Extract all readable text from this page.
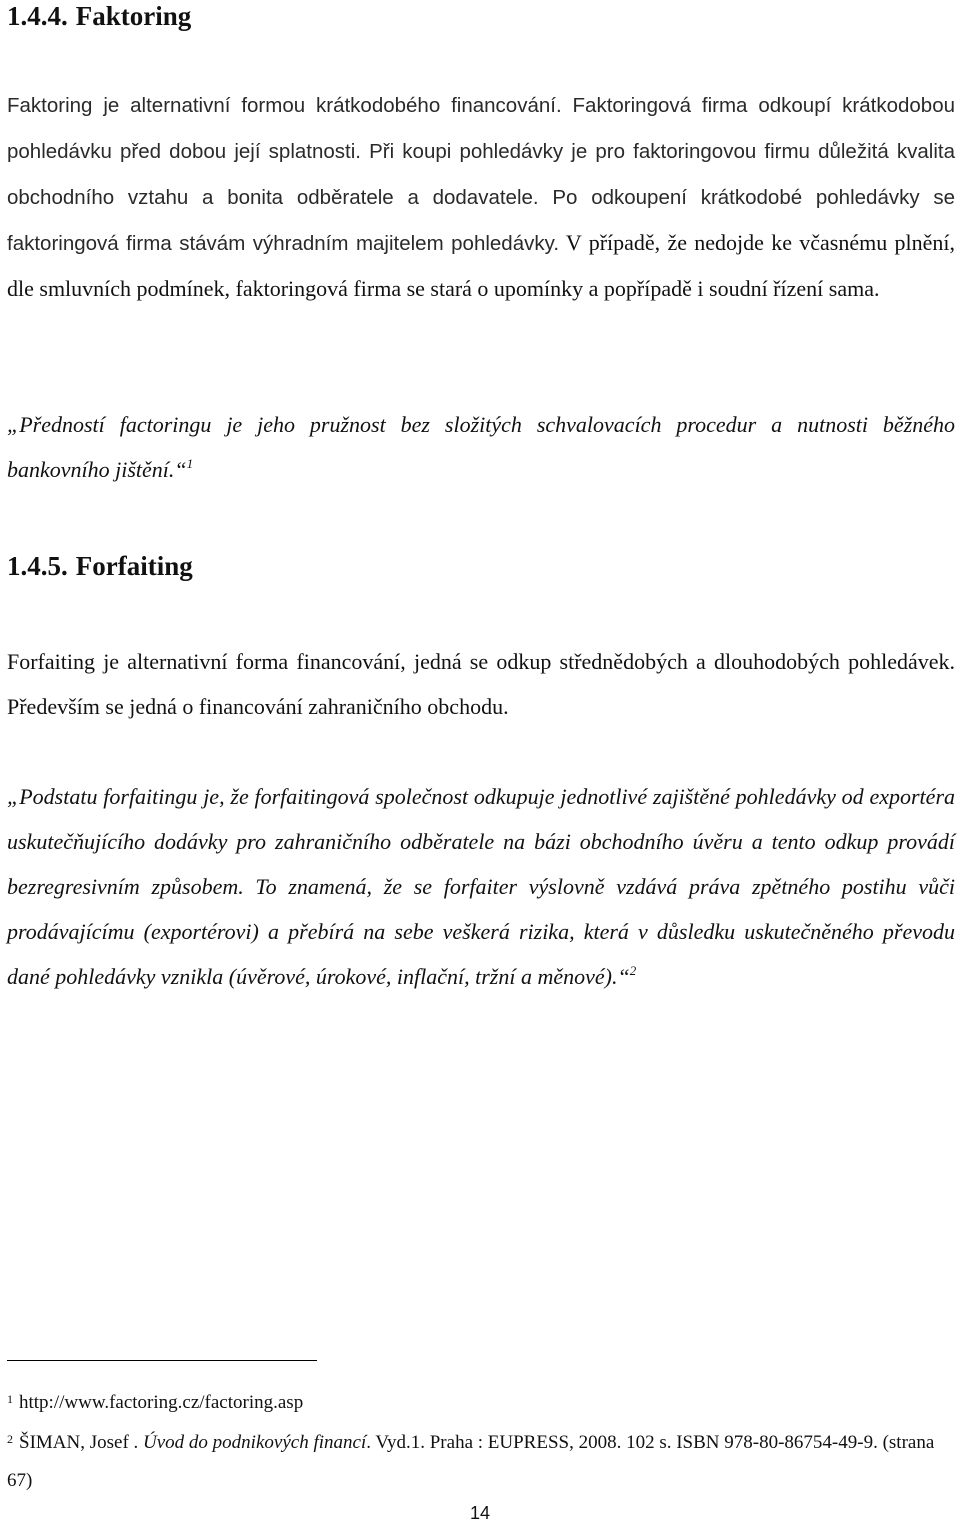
1.4.4. Faktoring

Faktoring je alternativní formou krátkodobého financování. Faktoringová firma odkoupí krátkodobou pohledávku před dobou její splatnosti. Při koupi pohledávky je pro faktoringovou firmu důležitá kvalita obchodního vztahu a bonita odběratele a dodavatele. Po odkoupení krátkodobé pohledávky se faktoringová firma stávám výhradním majitelem pohledávky. V případě, že nedojde ke včasnému plnění, dle smluvních podmínek, faktoringová firma se stará o upomínky a popřípadě i soudní řízení sama.

„Předností factoringu je jeho pružnost bez složitých schvalovacích procedur a nutnosti běžného bankovního jištění.“$^1$

1.4.5. Forfaiting

Forfaiting je alternativní forma financování, jedná se odkup střednědobých a dlouhodobých pohledávek. Především se jedná o financování zahraničního obchodu.

„Podstatu forfaitingu je, že forfaitingová společnost odkupuje jednotlivé zajištěné pohledávky od exportéra uskutečňujícího dodávky pro zahraničního odběratele na bázi obchodního úvěru a tento odkup provádí bezregresivním způsobem. To znamená, že se forfaiter výslovně vzdává práva zpětného postihu vůči prodávajícímu (exportérovi) a přebírá na sebe veškerá rizika, která v důsledku uskutečněného převodu dané pohledávky vznikla (úvěrové, úrokové, inflační, tržní a měnové).“$^2$

$^1$ http://www.factoring.cz/factoring.asp

$^2$ ŠIMAN, Josef . Úvod do podnikových financí. Vyd.1. Praha : EUPRESS, 2008. 102 s. ISBN 978-80-86754-49-9. (strana 67)

14
